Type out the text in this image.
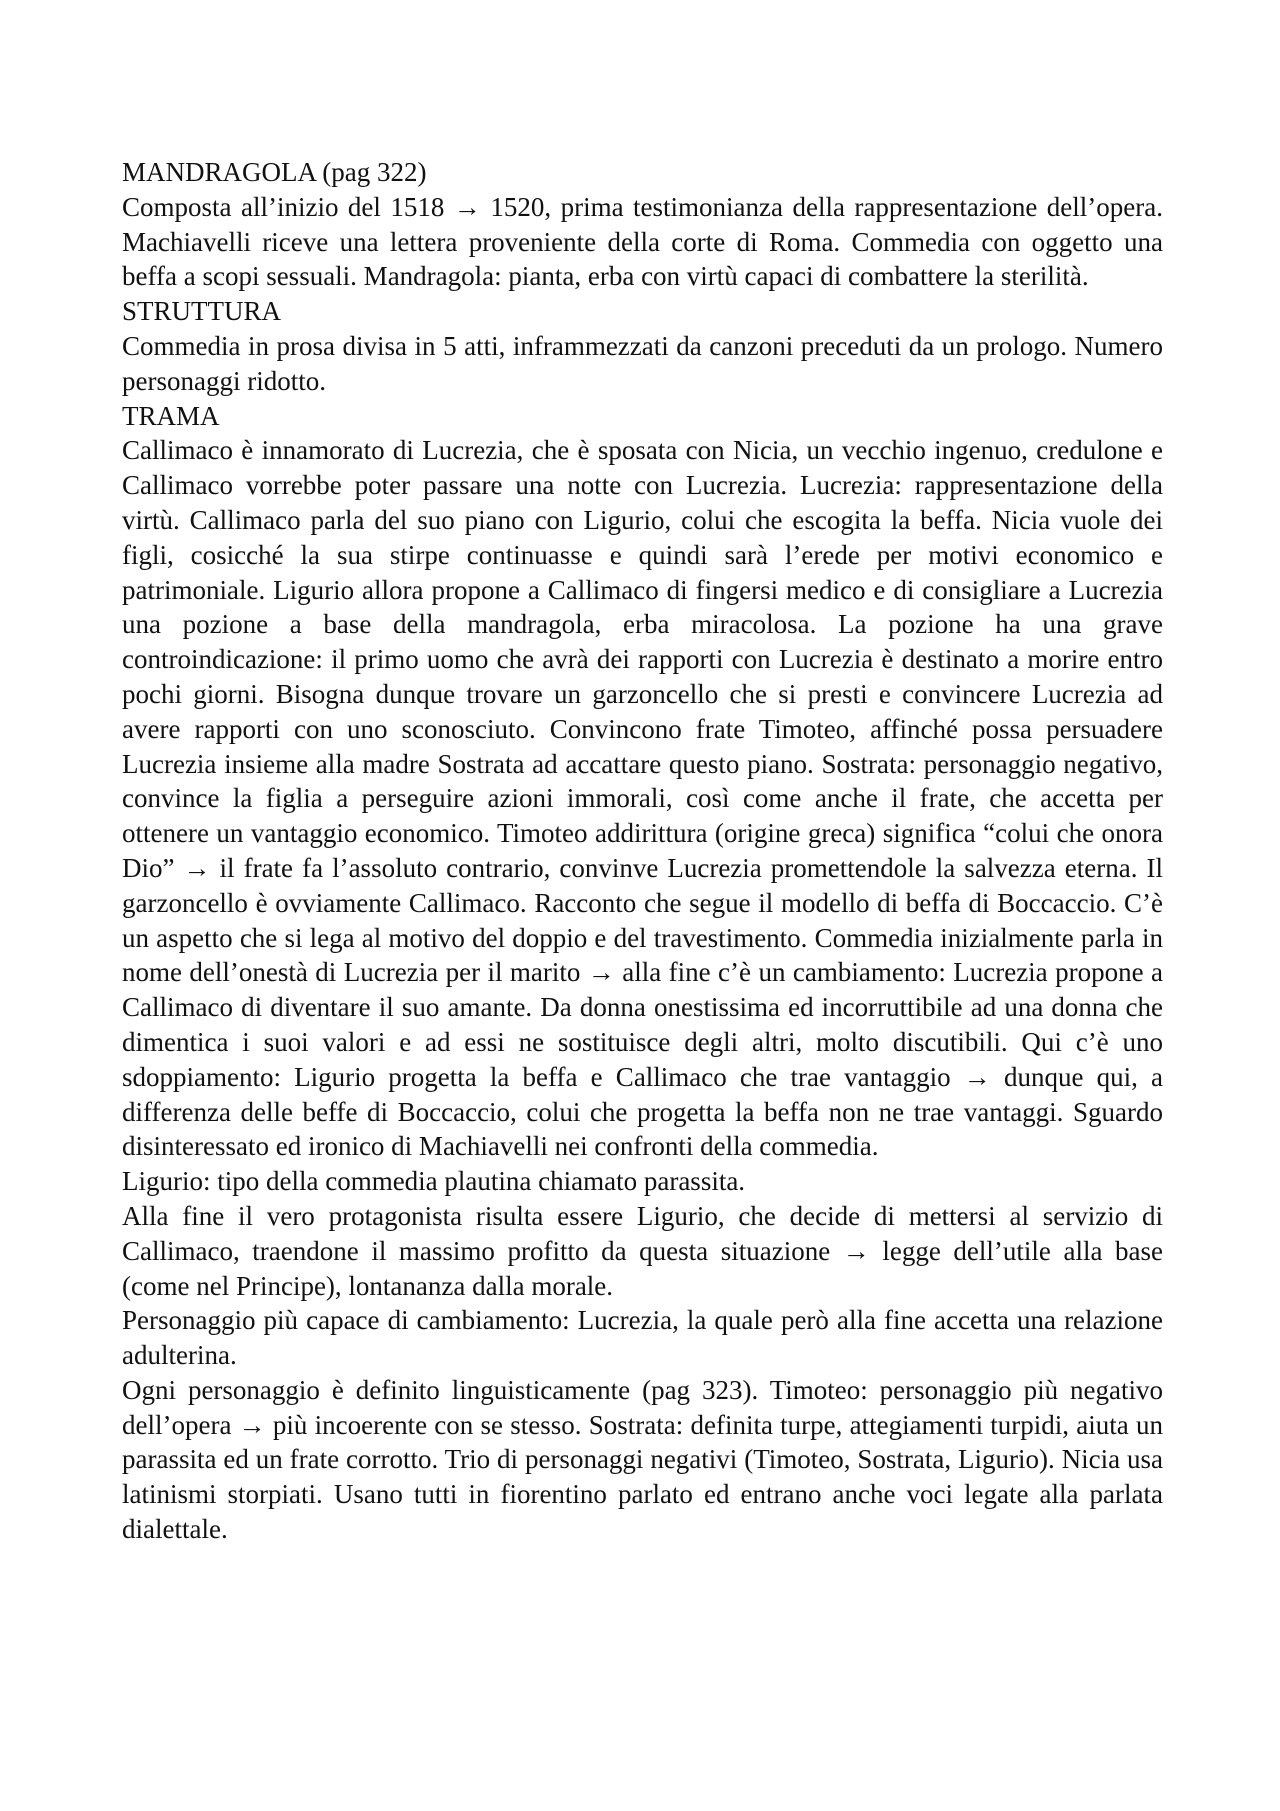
MANDRAGOLA (pag 322)

Composta all’inizio del 1518 → 1520, prima testimonianza della rappresentazione dell’opera. Machiavelli riceve una lettera proveniente della corte di Roma. Commedia con oggetto una beffa a scopi sessuali. Mandragola: pianta, erba con virtù capaci di combattere la sterilità.

STRUTTURA

Commedia in prosa divisa in 5 atti, inframmezzati da canzoni preceduti da un prologo. Numero personaggi ridotto.

TRAMA

Callimaco è innamorato di Lucrezia, che è sposata con Nicia, un vecchio ingenuo, credulone e Callimaco vorrebbe poter passare una notte con Lucrezia. Lucrezia: rappresentazione della virtù. Callimaco parla del suo piano con Ligurio, colui che escogita la beffa. Nicia vuole dei figli, cosicché la sua stirpe continuasse e quindi sarà l’erede per motivi economico e patrimoniale. Ligurio allora propone a Callimaco di fingersi medico e di consigliare a Lucrezia una pozione a base della mandragola, erba miracolosa. La pozione ha una grave controindicazione: il primo uomo che avrà dei rapporti con Lucrezia è destinato a morire entro pochi giorni. Bisogna dunque trovare un garzoncello che si presti e convincere Lucrezia ad avere rapporti con uno sconosciuto. Convincono frate Timoteo, affinché possa persuadere Lucrezia insieme alla madre Sostrata ad accattare questo piano. Sostrata: personaggio negativo, convince la figlia a perseguire azioni immorali, così come anche il frate, che accetta per ottenere un vantaggio economico. Timoteo addirittura (origine greca) significa “colui che onora Dio” → il frate fa l’assoluto contrario, convinve Lucrezia promettendole la salvezza eterna. Il garzoncello è ovviamente Callimaco. Racconto che segue il modello di beffa di Boccaccio. C’è un aspetto che si lega al motivo del doppio e del travestimento. Commedia inizialmente parla in nome dell’onestà di Lucrezia per il marito → alla fine c’è un cambiamento: Lucrezia propone a Callimaco di diventare il suo amante. Da donna onestissima ed incorruttibile ad una donna che dimentica i suoi valori e ad essi ne sostituisce degli altri, molto discutibili. Qui c’è uno sdoppiamento: Ligurio progetta la beffa e Callimaco che trae vantaggio → dunque qui, a differenza delle beffe di Boccaccio, colui che progetta la beffa non ne trae vantaggi. Sguardo disinteressato ed ironico di Machiavelli nei confronti della commedia.

Ligurio: tipo della commedia plautina chiamato parassita.

Alla fine il vero protagonista risulta essere Ligurio, che decide di mettersi al servizio di Callimaco, traendone il massimo profitto da questa situazione → legge dell’utile alla base (come nel Principe), lontananza dalla morale.

Personaggio più capace di cambiamento: Lucrezia, la quale però alla fine accetta una relazione adulterina.

Ogni personaggio è definito linguisticamente (pag 323). Timoteo: personaggio più negativo dell’opera → più incoerente con se stesso. Sostrata: definita turpe, attegiamenti turpidi, aiuta un parassita ed un frate corrotto. Trio di personaggi negativi (Timoteo, Sostrata, Ligurio). Nicia usa latinismi storpiati. Usano tutti in fiorentino parlato ed entrano anche voci legate alla parlata dialettale.
